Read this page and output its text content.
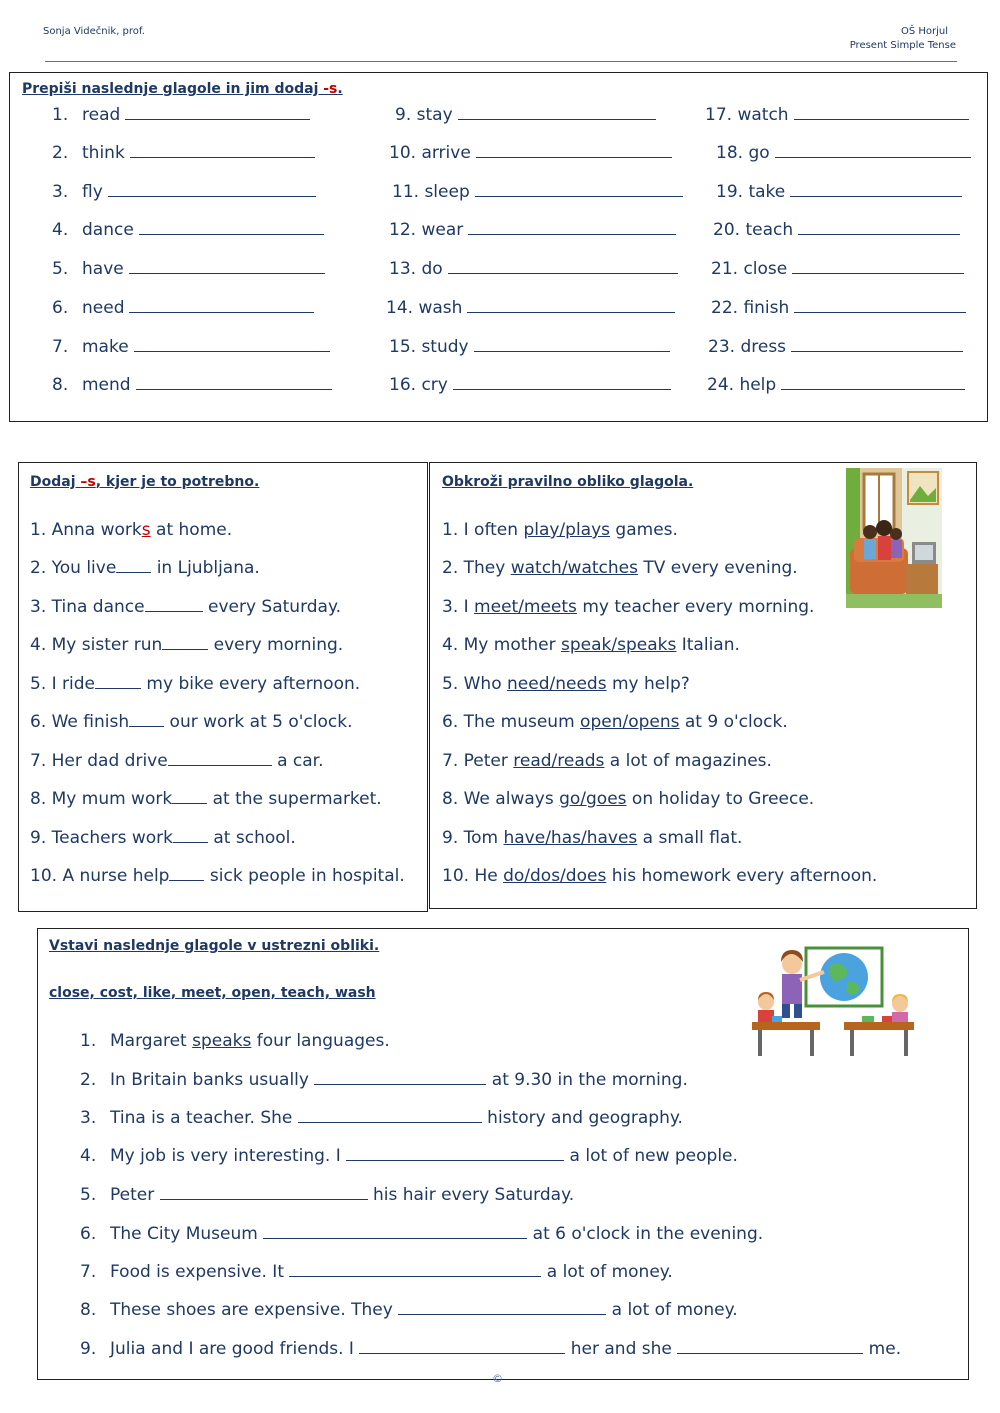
Sonja Videčnik, prof.	OŠ Horjul
Present Simple Tense
Prepiši naslednje glagole in jim dodaj -s.
1. read
2. think
3. fly
4. dance
5. have
6. need
7. make
8. mend
9. stay
10. arrive
11. sleep
12. wear
13. do
14. wash
15. study
16. cry
17. watch
18. go
19. take
20. teach
21. close
22. finish
23. dress
24. help
Dodaj –s, kjer je to potrebno.
1. Anna works at home.
2. You live in Ljubljana.
3. Tina dance	every Saturday.
4. My sister run	every morning.
5. I ride	my bike every afternoon.
6. We finish our work at 5 o'clock.
7. Her dad drive	a car.
8. My mum work at the supermarket.
9. Teachers work at school.
10. A nurse help sick people in hospital.
Obkroži pravilno obliko glagola.
1. I often play/plays games.
2. They watch/watches TV every evening.
3. I meet/meets my teacher every morning.
4. My mother speak/speaks Italian.
5. Who need/needs my help?
6. The museum open/opens at 9 o'clock.
7. Peter read/reads a lot of magazines.
8. We always go/goes on holiday to Greece.
9. Tom have/has/haves a small flat.
10. He do/dos/does his homework every afternoon.
Vstavi naslednje glagole v ustrezni obliki.
close, cost, like, meet, open, teach, wash
1. Margaret speaks four languages.
2. In Britain banks usually	at 9.30 in the morning.
3. Tina is a teacher. She	history and geography.
4. My job is very interesting. I	a lot of new people.
5. Peter	his hair every Saturday.
6. The City Museum	at 6 o'clock in the evening.
7. Food is expensive. It	a lot of money.
8. These shoes are expensive. They	a lot of money.
9. Julia and I are good friends. I	her and she	me.
©
